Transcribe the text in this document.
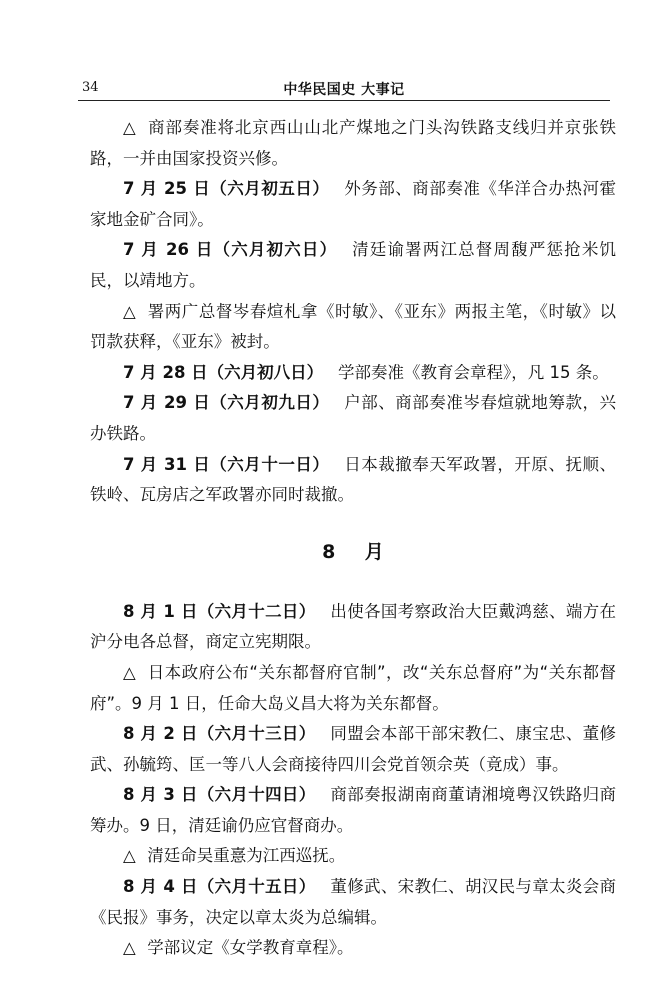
34	中华民国史 大事记

△ 商部奏准将北京西山山北产煤地之门头沟铁路支线归并京张铁路，一并由国家投资兴修。

7 月 25 日（六月初五日） 外务部、商部奏准《华洋合办热河霍家地金矿合同》。

7 月 26 日（六月初六日） 清廷谕署两江总督周馥严惩抢米饥民，以靖地方。

△ 署两广总督岑春煊札拿《时敏》、《亚东》两报主笔，《时敏》以罚款获释，《亚东》被封。

7 月 28 日（六月初八日） 学部奏准《教育会章程》，凡 15 条。

7 月 29 日（六月初九日） 户部、商部奏准岑春煊就地筹款，兴办铁路。

7 月 31 日（六月十一日） 日本裁撤奉天军政署，开原、抚顺、铁岭、瓦房店之军政署亦同时裁撤。

8 月

8 月 1 日（六月十二日） 出使各国考察政治大臣戴鸿慈、端方在沪分电各总督，商定立宪期限。

△ 日本政府公布“关东都督府官制”，改“关东总督府”为“关东都督府”。9 月 1 日，任命大岛义昌大将为关东都督。

8 月 2 日（六月十三日） 同盟会本部干部宋教仁、康宝忠、董修武、孙毓筠、匡一等八人会商接待四川会党首领佘英（竟成）事。

8 月 3 日（六月十四日） 商部奏报湖南商董请湘境粤汉铁路归商筹办。9 日，清廷谕仍应官督商办。

△ 清廷命吴重憙为江西巡抚。

8 月 4 日（六月十五日） 董修武、宋教仁、胡汉民与章太炎会商《民报》事务，决定以章太炎为总编辑。

△ 学部议定《女学教育章程》。
